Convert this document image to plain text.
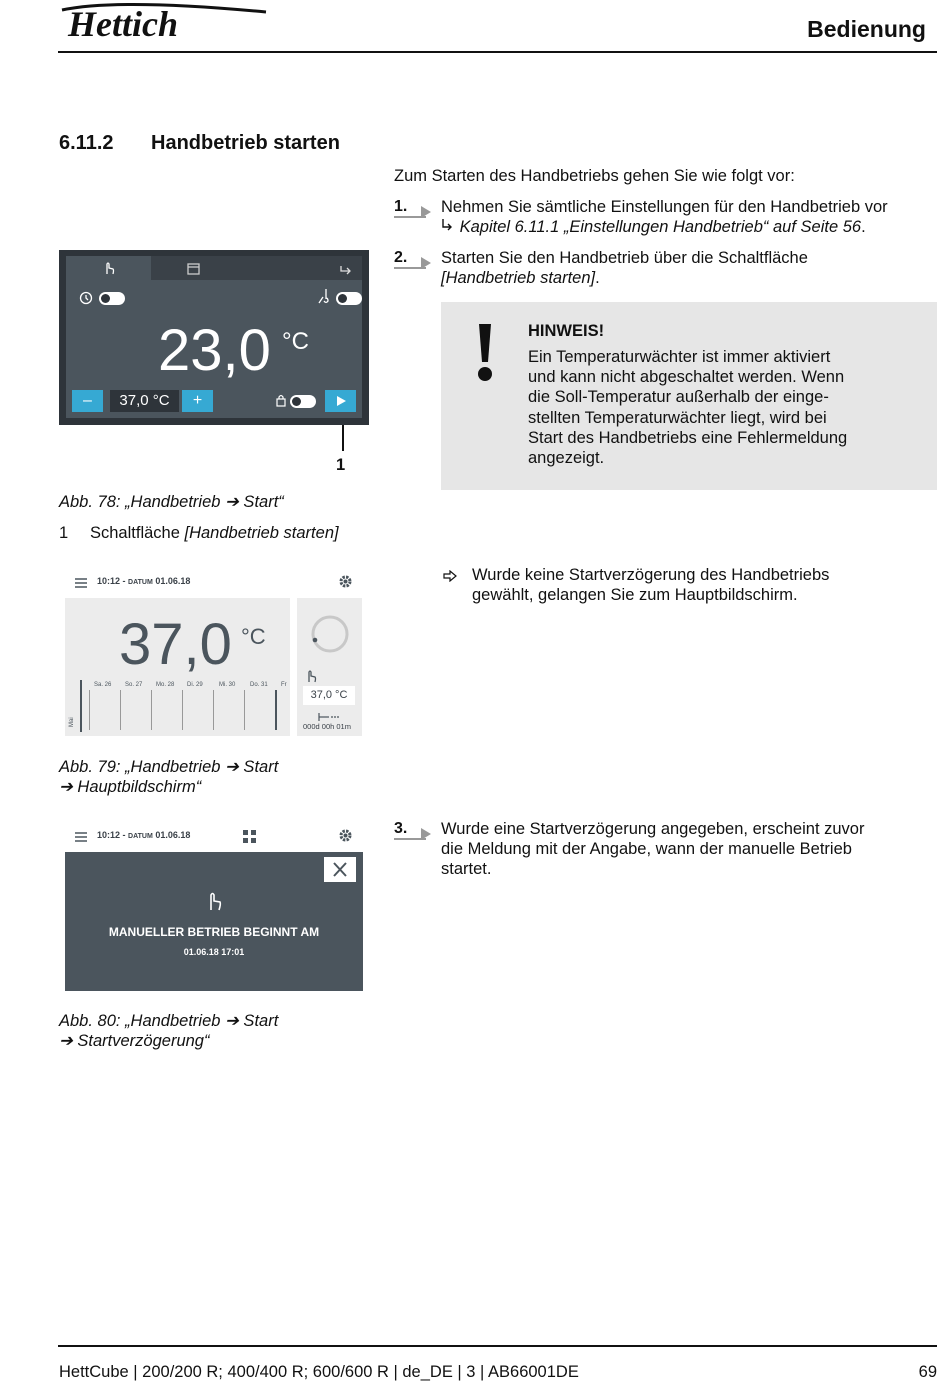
Hettich	Bedienung
6.11.2 Handbetrieb starten
Zum Starten des Handbetriebs gehen Sie wie folgt vor:
1.	Nehmen Sie sämtliche Einstellungen für den Handbetrieb vor
Kapitel 6.11.1 „Einstellungen Handbetrieb“ auf Seite 56.
2.	Starten Sie den Handbetrieb über die Schaltfläche
[Handbetrieb starten].
HINWEIS!
Ein Temperaturwächter ist immer aktiviert
und kann nicht abgeschaltet werden. Wenn
die Soll-Temperatur außerhalb der einge-
stellten Temperaturwächter liegt, wird bei
Start des Handbetriebs eine Fehlermeldung
angezeigt.
23,0 °C
–	37,0 °C	+
1
Abb. 78: „Handbetrieb ➔ Start“
1 Schaltfläche [Handbetrieb starten]
Wurde keine Startverzögerung des Handbetriebs
gewählt, gelangen Sie zum Hauptbildschirm.
10:12 - DATUM 01.06.18
37,0 °C
Mai
Sa. 26 So. 27 Mo. 28 Di. 29	Mi. 30 Do. 31 Fr
37,0 °C
000d 00h 01m
Abb. 79: „Handbetrieb ➔ Start
➔ Hauptbildschirm“
3.	Wurde eine Startverzögerung angegeben, erscheint zuvor
die Meldung mit der Angabe, wann der manuelle Betrieb
startet.
10:12 - DATUM 01.06.18
MANUELLER BETRIEB BEGINNT AM
01.06.18 17:01
Abb. 80: „Handbetrieb ➔ Start
➔ Startverzögerung“
HettCube | 200/200 R; 400/400 R; 600/600 R | de_DE | 3 | AB66001DE	69
